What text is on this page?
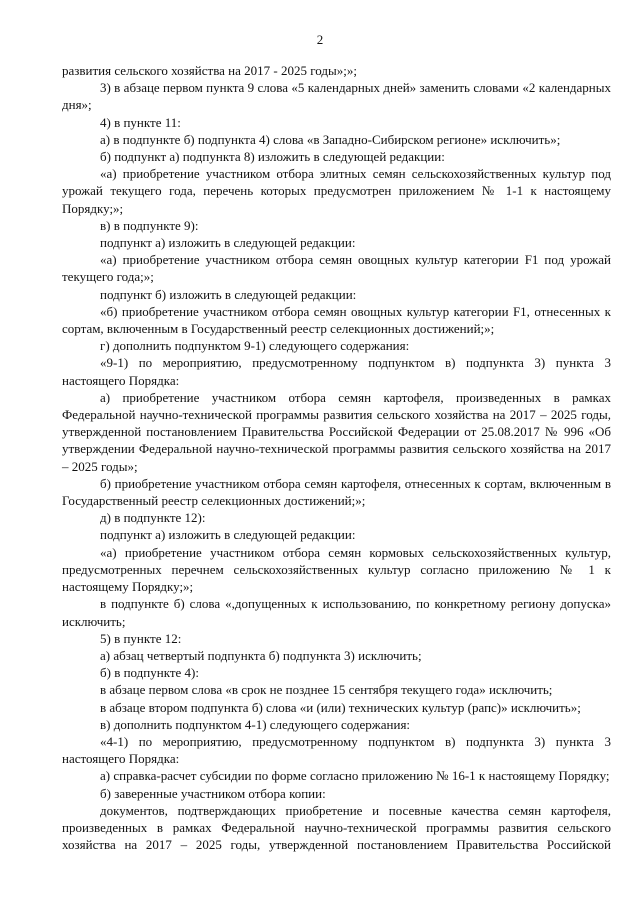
2

развития сельского хозяйства на 2017 - 2025 годы»;»;

3) в абзаце первом пункта 9 слова «5 календарных дней» заменить словами «2 календарных дня»;

4) в пункте 11:

а) в подпункте б) подпункта 4) слова «в Западно-Сибирском регионе» исключить»;

б) подпункт а) подпункта 8) изложить в следующей редакции:

«а) приобретение участником отбора элитных семян сельскохозяйственных культур под урожай текущего года, перечень которых предусмотрен приложением № 1-1 к настоящему Порядку;»;

в) в подпункте 9):

подпункт а) изложить в следующей редакции:

«а) приобретение участником отбора семян овощных культур категории F1 под урожай текущего года;»;

подпункт б) изложить в следующей редакции:

«б) приобретение участником отбора семян овощных культур категории F1, отнесенных к сортам, включенным в Государственный реестр селекционных достижений;»;

г) дополнить подпунктом 9-1) следующего содержания:

«9-1) по мероприятию, предусмотренному подпунктом в) подпункта 3) пункта 3 настоящего Порядка:

а) приобретение участником отбора семян картофеля, произведенных в рамках Федеральной научно-технической программы развития сельского хозяйства на 2017 – 2025 годы, утвержденной постановлением Правительства Российской Федерации от 25.08.2017 № 996 «Об утверждении Федеральной научно-технической программы развития сельского хозяйства на 2017 – 2025 годы»;

б) приобретение участником отбора семян картофеля, отнесенных к сортам, включенным в Государственный реестр селекционных достижений;»;

д) в подпункте 12):

подпункт а) изложить в следующей редакции:

«а) приобретение участником отбора семян кормовых сельскохозяйственных культур, предусмотренных перечнем сельскохозяйственных культур согласно приложению № 1 к настоящему Порядку;»;

в подпункте б) слова «,допущенных к использованию, по конкретному региону допуска» исключить;

5) в пункте 12:

а) абзац четвертый подпункта б) подпункта 3) исключить;

б) в подпункте 4):

в абзаце первом слова «в срок не позднее 15 сентября текущего года» исключить;

в абзаце втором подпункта б) слова «и (или) технических культур (рапс)» исключить»;

в) дополнить подпунктом 4-1) следующего содержания:

«4-1) по мероприятию, предусмотренному подпунктом в) подпункта 3) пункта 3 настоящего Порядка:

а) справка-расчет субсидии по форме согласно приложению № 16-1 к настоящему Порядку;

б) заверенные участником отбора копии:

документов, подтверждающих приобретение и посевные качества семян картофеля, произведенных в рамках Федеральной научно-технической программы развития сельского хозяйства на 2017 – 2025 годы, утвержденной постановлением Правительства Российской
